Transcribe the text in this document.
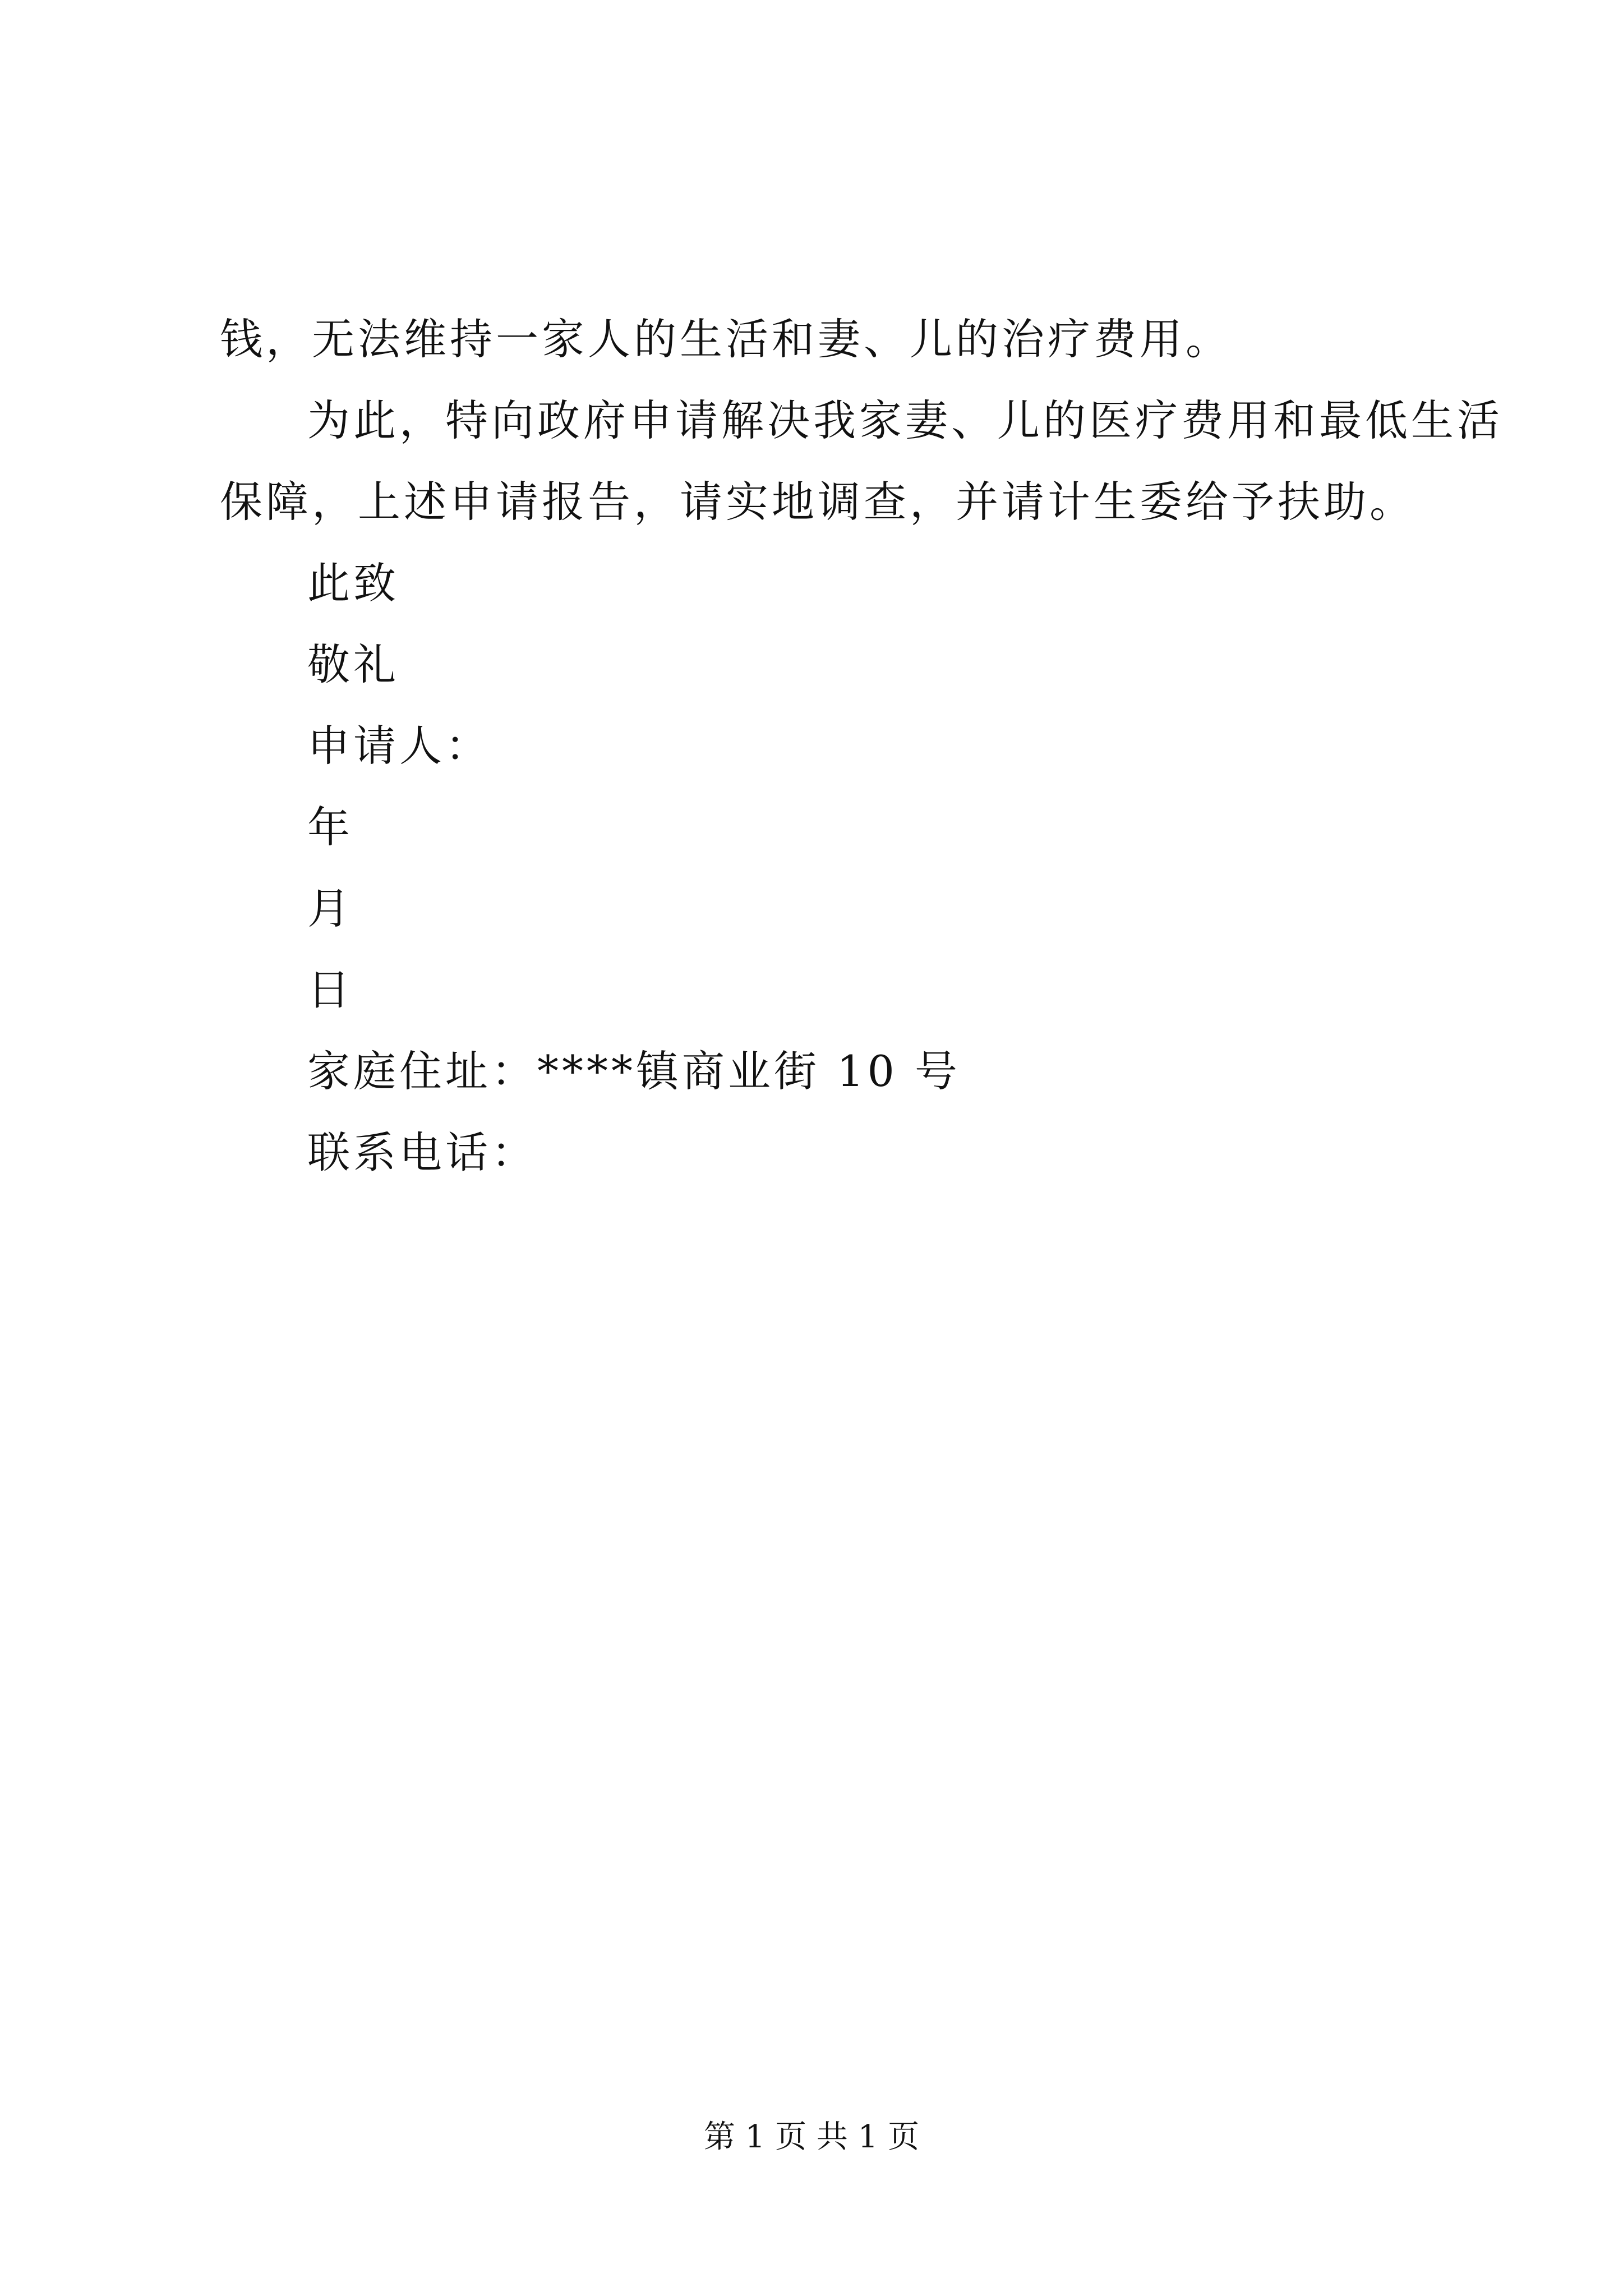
钱，无法维持一家人的生活和妻、儿的治疗费用。
为此，特向政府申请解决我家妻、儿的医疗费用和最低生活
保障，上述申请报告，请实地调查，并请计生委给予扶助。
此致
敬礼
申请人：
年
月
日
家庭住址：****镇商业街 10 号
联系电话：
第 1 页 共 1 页
